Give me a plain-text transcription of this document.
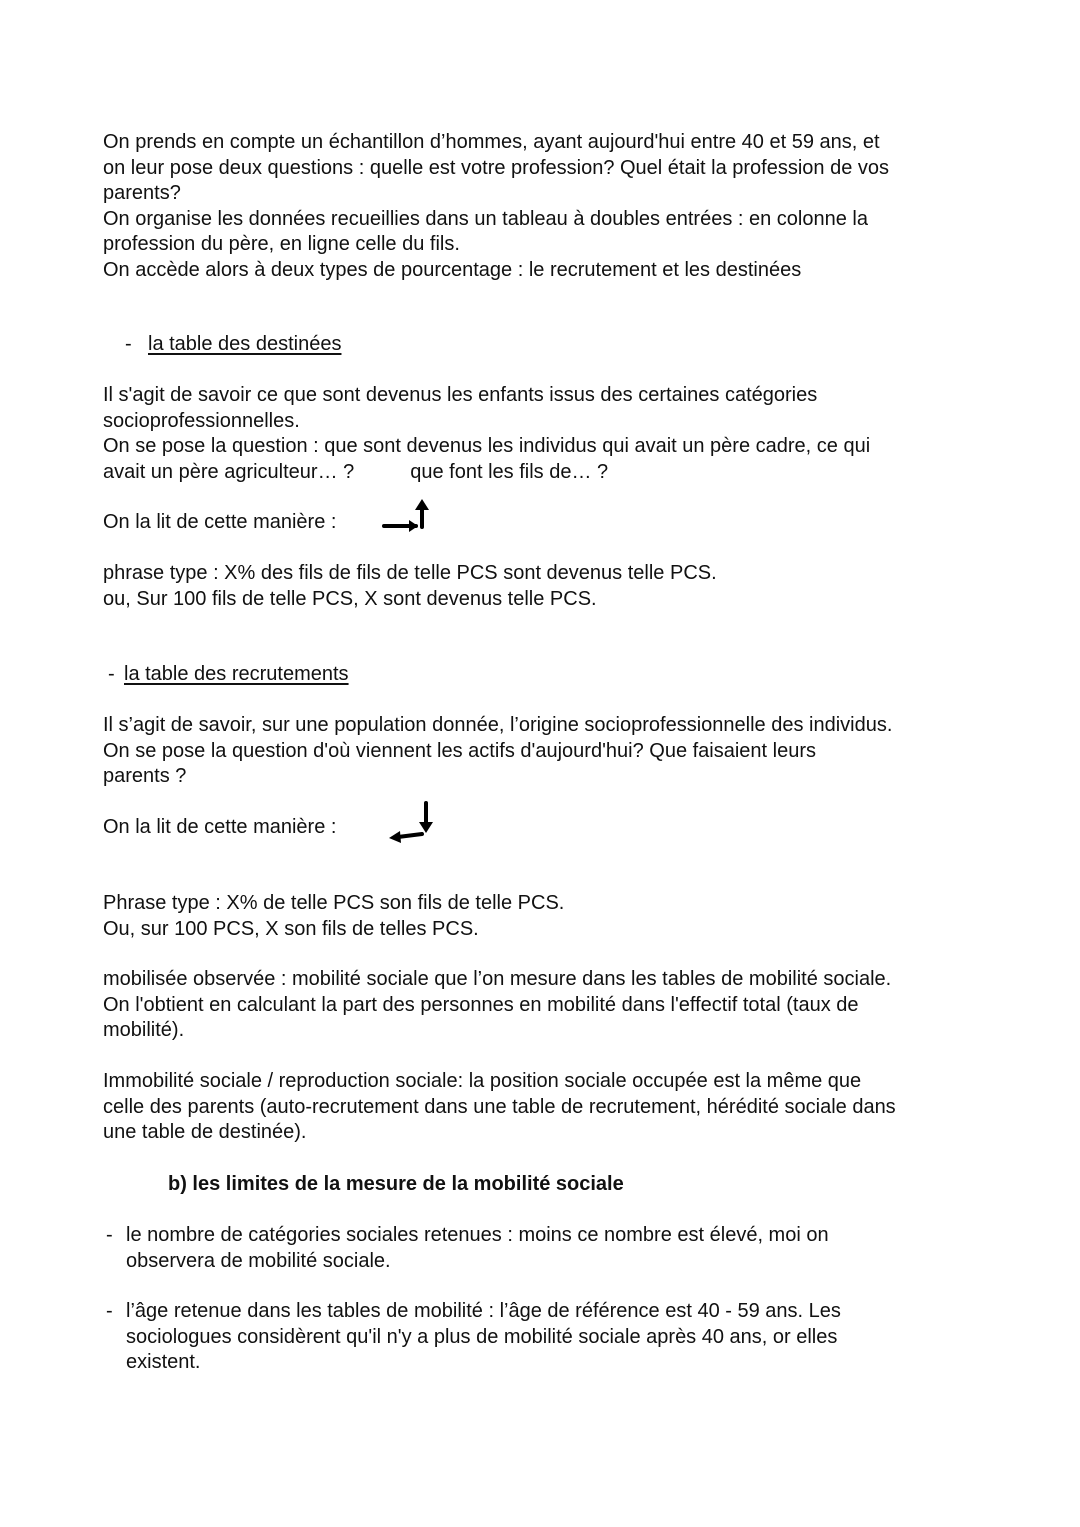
On prends en compte un échantillon d’hommes, ayant aujourd'hui entre 40 et 59 ans, et
on leur pose deux questions : quelle est votre profession? Quel était la profession de vos
parents?
On organise les données recueillies dans un tableau à doubles entrées : en colonne la
profession du père, en ligne celle du fils.
On accède alors à deux types de pourcentage : le recrutement et les destinées
- la table des destinées
Il s'agit de savoir ce que sont devenus les enfants issus des certaines catégories
socioprofessionnelles.
On se pose la question : que sont devenus les individus qui avait un père cadre, ce qui
avait un père agriculteur… ?	que font les fils de… ?
On la lit de cette manière :
phrase type : X% des fils de fils de telle PCS sont devenus telle PCS.
ou, Sur 100 fils de telle PCS, X sont devenus telle PCS.
- la table des recrutements
Il s’agit de savoir, sur une population donnée, l’origine socioprofessionnelle des individus.
On se pose la question d'où viennent les actifs d'aujourd'hui? Que faisaient leurs
parents ?
On la lit de cette manière :
Phrase type : X% de telle PCS son fils de telle PCS.
Ou, sur 100 PCS, X son fils de telles PCS.
mobilisée observée : mobilité sociale que l’on mesure dans les tables de mobilité sociale.
On l'obtient en calculant la part des personnes en mobilité dans l'effectif total (taux de
mobilité).
Immobilité sociale / reproduction sociale: la position sociale occupée est la même que
celle des parents (auto-recrutement dans une table de recrutement, hérédité sociale dans
une table de destinée).
b) les limites de la mesure de la mobilité sociale
- le nombre de catégories sociales retenues : moins ce nombre est élevé, moi on
observera de mobilité sociale.
- l’âge retenue dans les tables de mobilité : l’âge de référence est 40 - 59 ans. Les
sociologues considèrent qu'il n'y a plus de mobilité sociale après 40 ans, or elles
existent.
